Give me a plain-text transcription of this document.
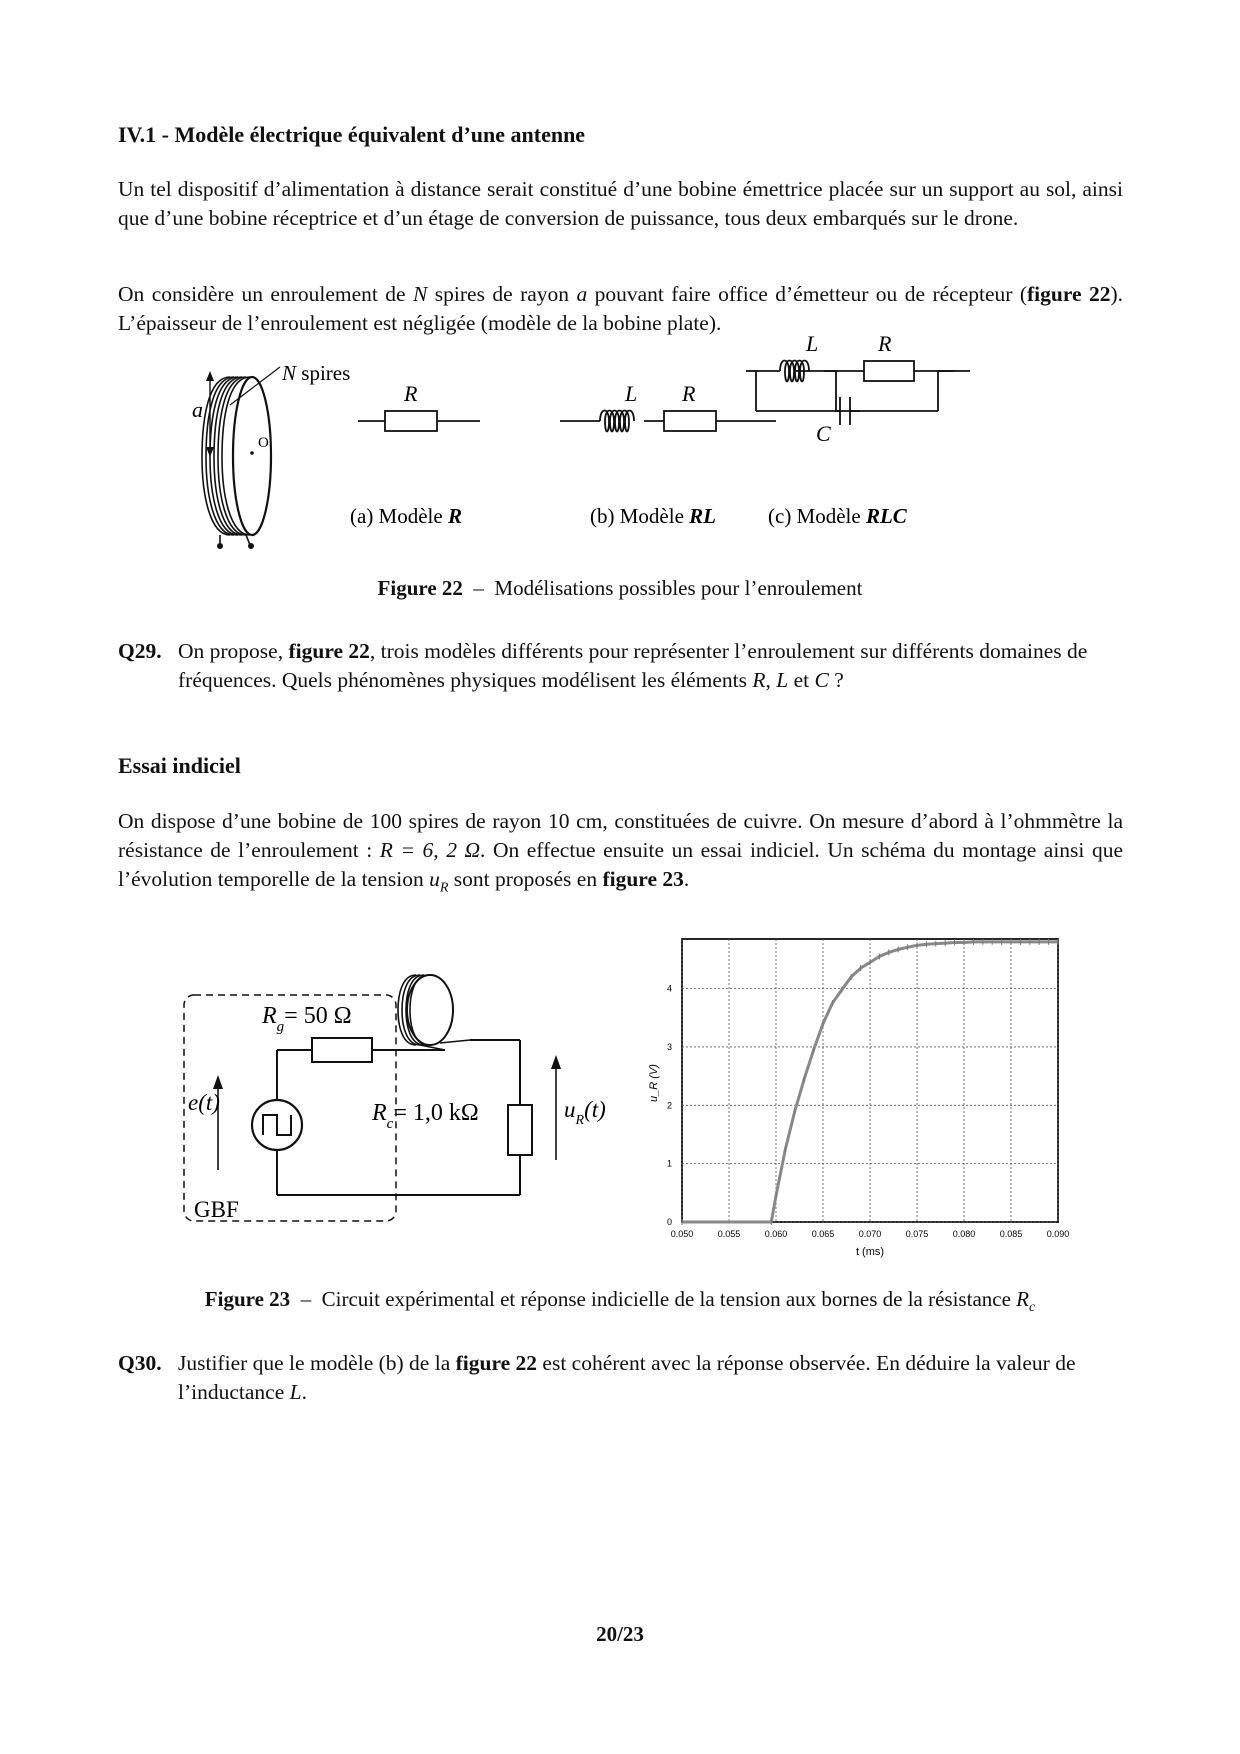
IV.1 - Modèle électrique équivalent d’une antenne
Un tel dispositif d’alimentation à distance serait constitué d’une bobine émettrice placée sur un support au sol, ainsi que d’une bobine réceptrice et d’un étage de conversion de puissance, tous deux embarqués sur le drone.
On considère un enroulement de N spires de rayon a pouvant faire office d’émetteur ou de récepteur (figure 22). L’épaisseur de l’enroulement est négligée (modèle de la bobine plate).
a
O
N spires
R
(a) Modèle R
L R
(b) Modèle RL
L	R
C
(c) Modèle RLC
Figure 22 – Modélisations possibles pour l’enroulement
Q29. On propose, figure 22, trois modèles différents pour représenter l’enroulement sur différents domaines de fréquences. Quels phénomènes physiques modélisent les éléments R, L et C ?
Essai indiciel
On dispose d’une bobine de 100 spires de rayon 10 cm, constituées de cuivre. On mesure d’abord à l’ohmmètre la résistance de l’enroulement : R = 6, 2 Ω. On effectue ensuite un essai indiciel. Un schéma du montage ainsi que l’évolution temporelle de la tension $u_R$ sont proposés en figure 23.
$R_g= 50$ Ω
e(t)	$R_c= 1,0$ kΩ	$u_R(t)$
GBF
0.050	0.055	0.060	0.065	0.070	0.075	0.080	0.085	0.090
0
1
2
3
4
u_R (V)
t (ms)
Figure 23 – Circuit expérimental et réponse indicielle de la tension aux bornes de la résistance $R_c$
Q30. Justifier que le modèle (b) de la figure 22 est cohérent avec la réponse observée. En déduire la valeur de l’inductance L.
20/23
